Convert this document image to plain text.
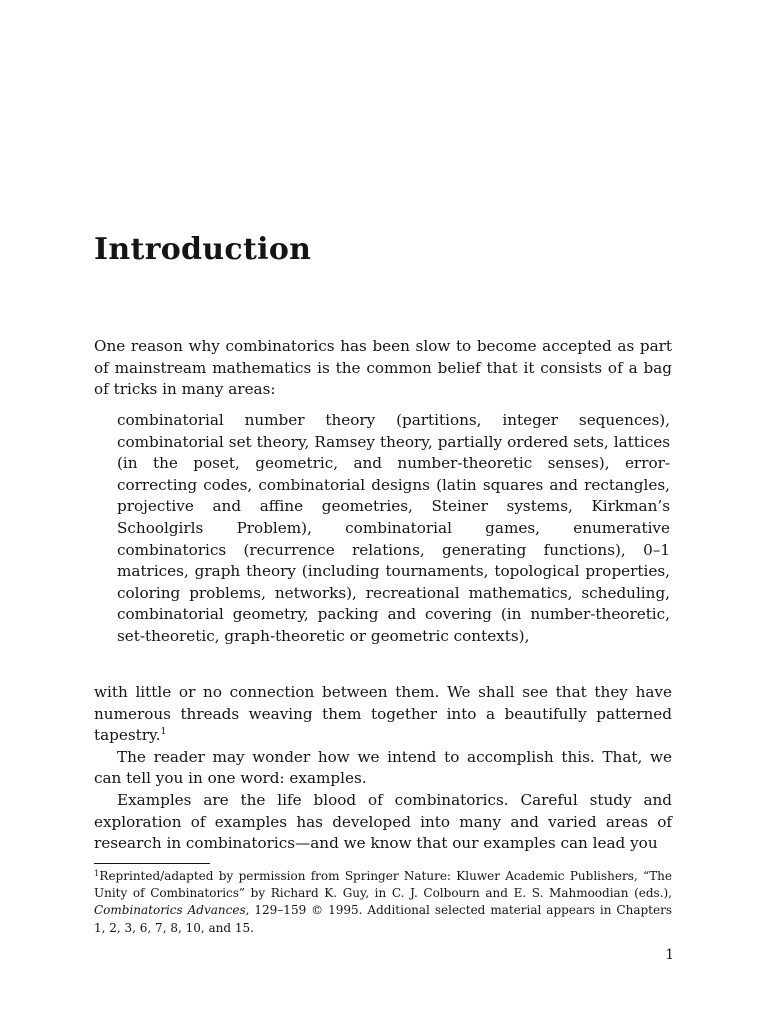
Introduction

One reason why combinatorics has been slow to become accepted as part of mainstream mathematics is the common belief that it consists of a bag of tricks in many areas:

combinatorial number theory (partitions, integer sequences), combinatorial set theory, Ramsey theory, partially ordered sets, lattices (in the poset, geometric, and number-theoretic senses), error-correcting codes, combinatorial designs (latin squares and rectangles, projective and affine geometries, Steiner systems, Kirkman’s Schoolgirls Problem), combinatorial games, enumerative combinatorics (recurrence relations, generating functions), 0–1 matrices, graph theory (including tournaments, topological properties, coloring problems, networks), recreational mathematics, scheduling, combinatorial geometry, packing and covering (in number-theoretic, set-theoretic, graph-theoretic or geometric contexts),

with little or no connection between them. We shall see that they have numerous threads weaving them together into a beautifully patterned tapestry.$^1$

The reader may wonder how we intend to accomplish this. That, we can tell you in one word: examples.

Examples are the life blood of combinatorics. Careful study and exploration of examples has developed into many and varied areas of research in combinatorics—and we know that our examples can lead you

$^1$Reprinted/adapted by permission from Springer Nature: Kluwer Academic Publishers, “The Unity of Combinatorics” by Richard K. Guy, in C. J. Colbourn and E. S. Mahmoodian (eds.), Combinatorics Advances, 129–159 © 1995. Additional selected material appears in Chapters 1, 2, 3, 6, 7, 8, 10, and 15.

1
